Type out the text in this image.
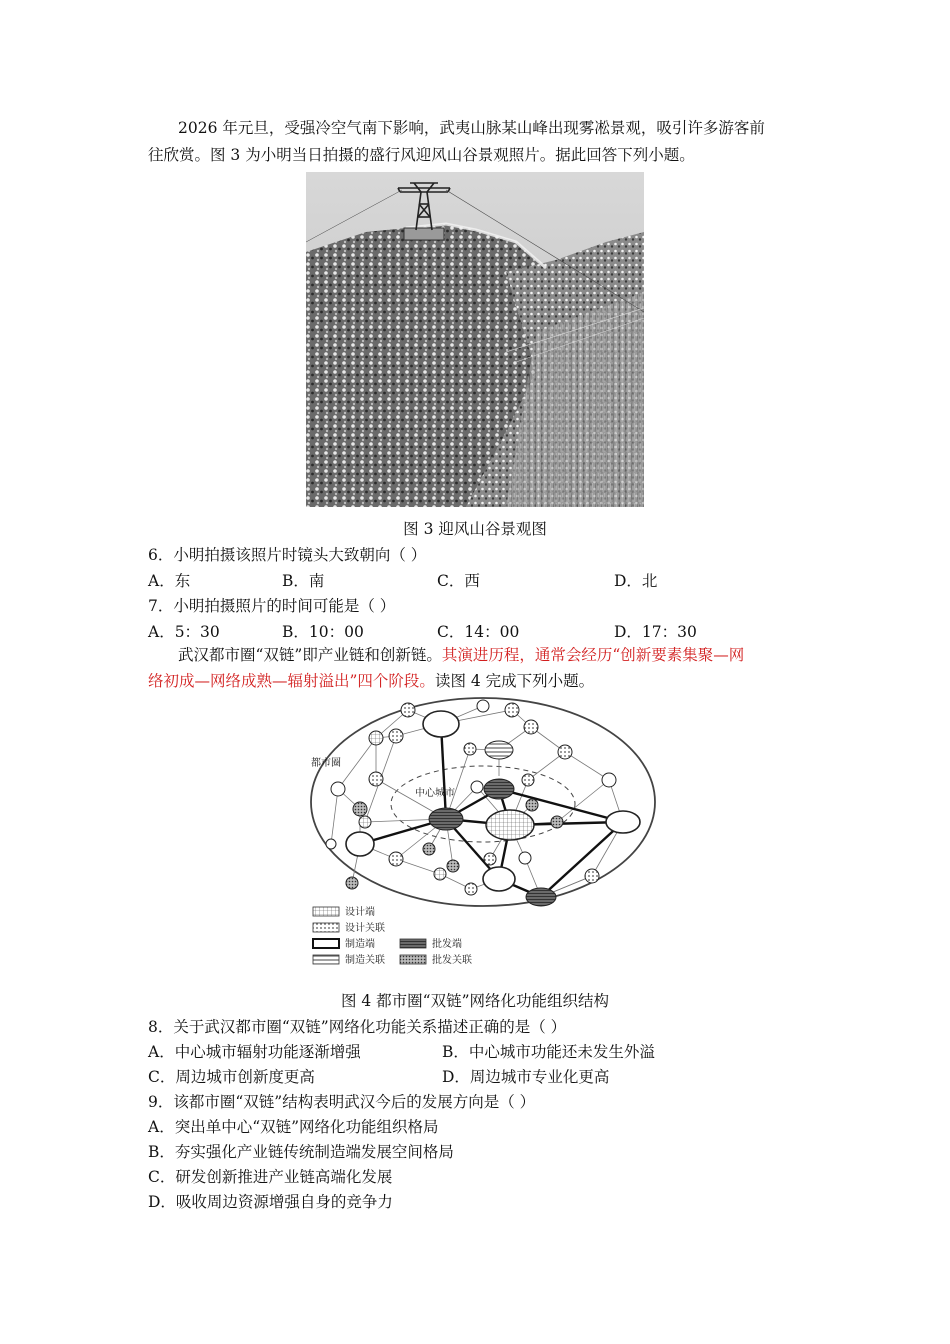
2026 年元旦，受强冷空气南下影响，武夷山脉某山峰出现雾凇景观，吸引许多游客前
往欣赏。图 3 为小明当日拍摄的盛行风迎风山谷景观照片。据此回答下列小题。
图 3 迎风山谷景观图
6．小明拍摄该照片时镜头大致朝向（ ）
A．东	B．南	C．西	D．北
7．小明拍摄照片的时间可能是（ ）
A．5：30	B．10：00	C．14：00	D．17：30
武汉都市圈“双链”即产业链和创新链。其演进历程，通常会经历“创新要素集聚—网
络初成—网络成熟—辐射溢出”四个阶段。读图 4 完成下列小题。
都市圈
中心城市
设计端
设计关联
制造端
制造关联
批发端
批发关联
图 4 都市圈“双链”网络化功能组织结构
8．关于武汉都市圈“双链”网络化功能关系描述正确的是（ ）
A．中心城市辐射功能逐渐增强	B．中心城市功能还未发生外溢
C．周边城市创新度更高	D．周边城市专业化更高
9．该都市圈“双链”结构表明武汉今后的发展方向是（ ）
A．突出单中心“双链”网络化功能组织格局
B．夯实强化产业链传统制造端发展空间格局
C．研发创新推进产业链高端化发展
D．吸收周边资源增强自身的竞争力
